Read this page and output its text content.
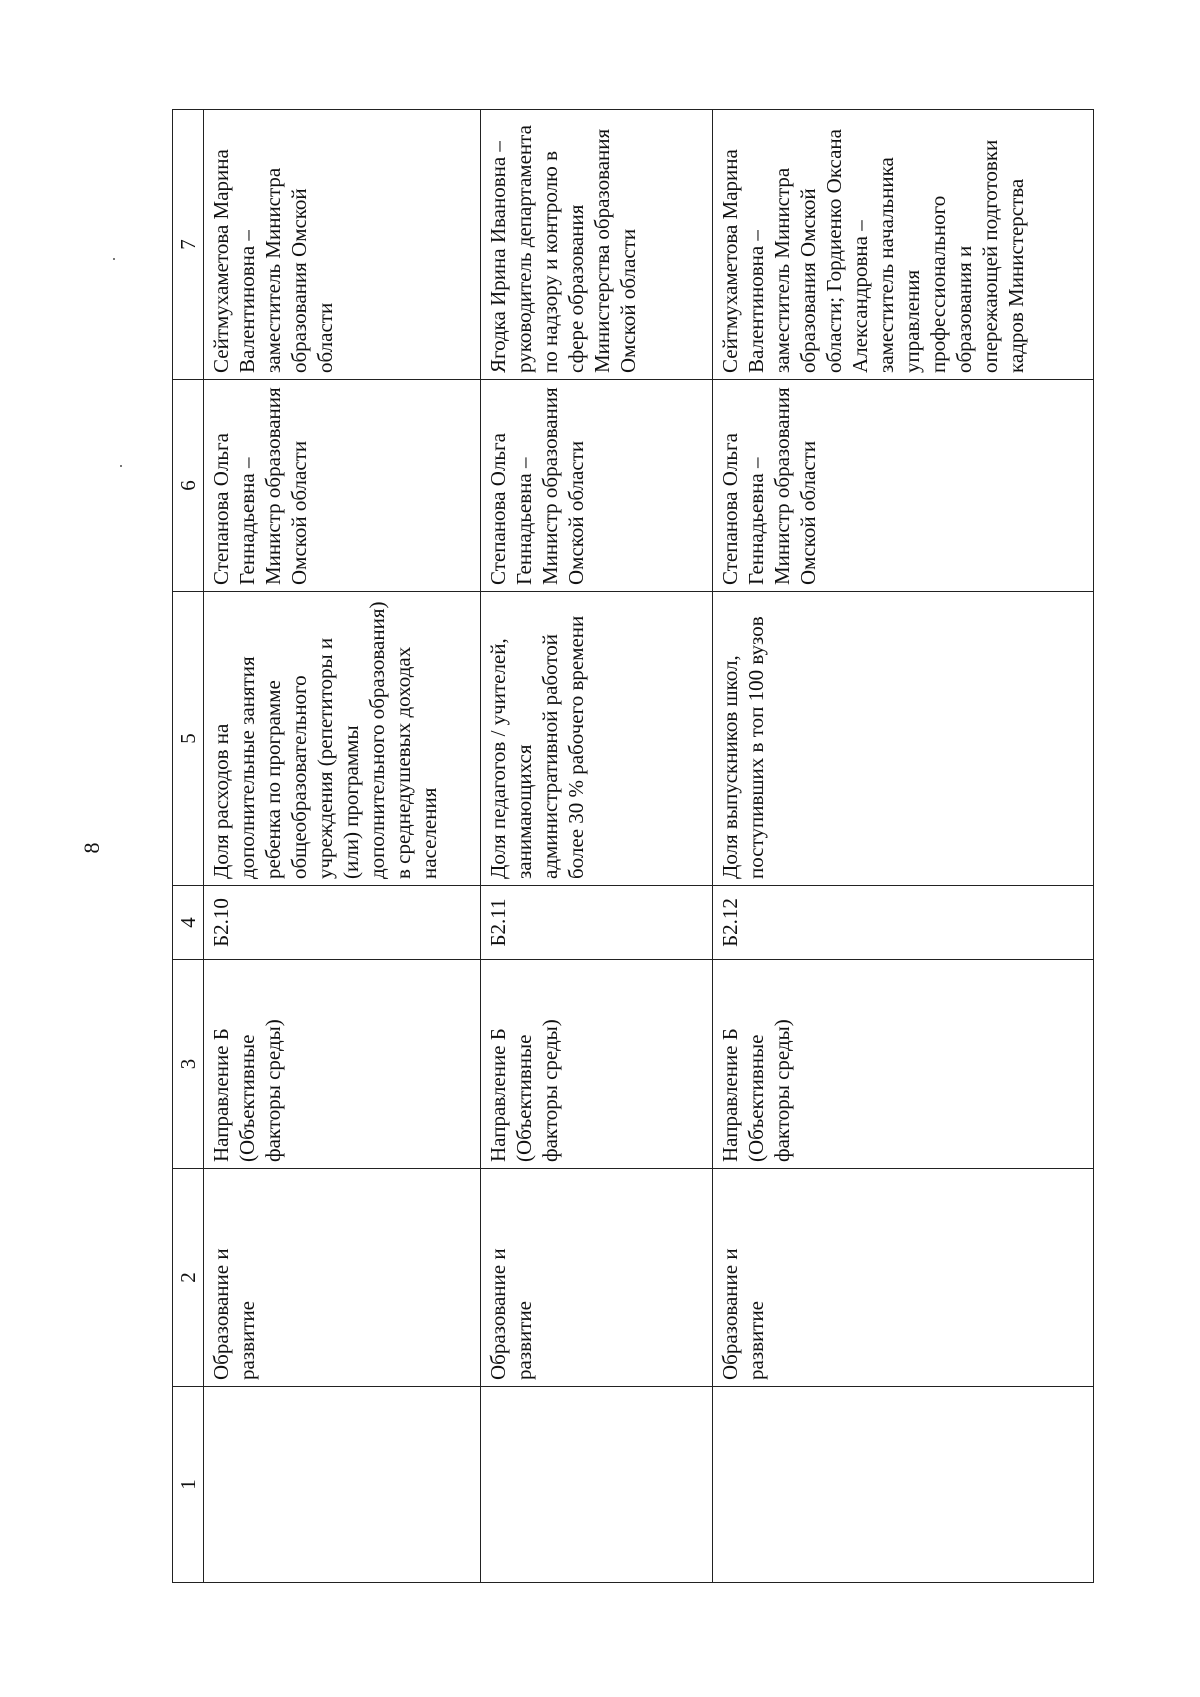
8
1	2	3	4	5	6	7
	Образование и развитие	Направление Б (Объективные факторы среды)	Б2.10	Доля расходов на дополнительные занятия ребенка по программе общеобразовательного учреждения (репетиторы и (или) программы дополнительного образования) в среднедушевых доходах населения	Степанова Ольга Геннадьевна – Министр образования Омской области	Сейтмухаметова Марина Валентиновна – заместитель Министра образования Омской области
	Образование и развитие	Направление Б (Объективные факторы среды)	Б2.11	Доля педагогов / учителей, занимающихся административной работой более 30 % рабочего времени	Степанова Ольга Геннадьевна – Министр образования Омской области	Ягодка Ирина Ивановна – руководитель департамента по надзору и контролю в сфере образования Министерства образования Омской области
	Образование и развитие	Направление Б (Объективные факторы среды)	Б2.12	Доля выпускников школ, поступивших в топ 100 вузов	Степанова Ольга Геннадьевна – Министр образования Омской области	Сейтмухаметова Марина Валентиновна – заместитель Министра образования Омской области; Гордиенко Оксана Александровна – заместитель начальника управления профессионального образования и опережающей подготовки кадров Министерства
